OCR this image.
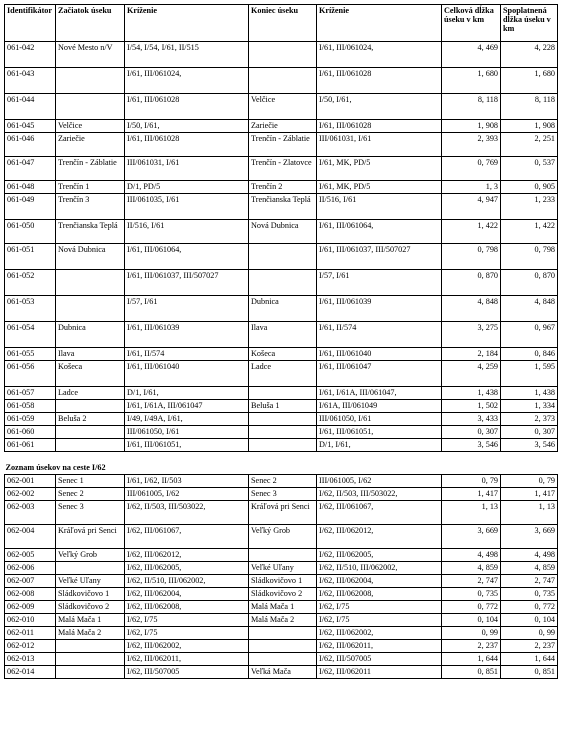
Identifikátor	Začiatok úseku	Kríženie	Koniec úseku	Kríženie	Celková dĺžka úseku v km	Spoplatnená dĺžka úseku v km
061-042	Nové Mesto n/V	I/54, I/54, I/61, II/515		I/61, III/061024,	4, 469	4, 228
061-043		I/61, III/061024,		I/61, III/061028	1, 680	1, 680
061-044		I/61, III/061028	Velčice	I/50, I/61,	8, 118	8, 118
061-045	Velčice	I/50, I/61,	Zariečie	I/61, III/061028	1, 908	1, 908
061-046	Zariečie	I/61, III/061028	Trenčín - Záblatie	III/061031, I/61	2, 393	2, 251
061-047	Trenčín - Záblatie	III/061031, I/61	Trenčín - Zlatovce	I/61, MK, PD/5	0, 769	0, 537
061-048	Trenčín 1	D/1, PD/5	Trenčín 2	I/61, MK, PD/5	1, 3	0, 905
061-049	Trenčín 3	III/061035, I/61	Trenčianska Teplá	II/516, I/61	4, 947	1, 233
061-050	Trenčianska Teplá	II/516, I/61	Nová Dubnica	I/61, III/061064,	1, 422	1, 422
061-051	Nová Dubnica	I/61, III/061064,		I/61, III/061037, III/507027	0, 798	0, 798
061-052		I/61, III/061037, III/507027		I/57, I/61	0, 870	0, 870
061-053		I/57, I/61	Dubnica	I/61, III/061039	4, 848	4, 848
061-054	Dubnica	I/61, III/061039	Ilava	I/61, II/574	3, 275	0, 967
061-055	Ilava	I/61, II/574	Košeca	I/61, III/061040	2, 184	0, 846
061-056	Košeca	I/61, III/061040	Ladce	I/61, III/061047	4, 259	1, 595
061-057	Ladce	D/1, I/61,		I/61, I/61A, III/061047,	1, 438	1, 438
061-058		I/61, I/61A, III/061047	Beluša 1	I/61A, III/061049	1, 502	1, 334
061-059	Beluša 2	I/49, I/49A, I/61,		III/061050, I/61	3, 433	2, 373
061-060		III/061050, I/61		I/61, III/061051,	0, 307	0, 307
061-061		I/61, III/061051,		D/1, I/61,	3, 546	3, 546

Zoznam úsekov na ceste I/62						
062-001	Senec 1	I/61, I/62, II/503	Senec 2	III/061005, I/62	0, 79	0, 79
062-002	Senec 2	III/061005, I/62	Senec 3	I/62, II/503, III/503022,	1, 417	1, 417
062-003	Senec 3	I/62, II/503, III/503022,	Kráľová pri Senci	I/62, III/061067,	1, 13	1, 13
062-004	Kráľová pri Senci	I/62, III/061067,	Veľký Grob	I/62, III/062012,	3, 669	3, 669
062-005	Veľký Grob	I/62, III/062012,		I/62, III/062005,	4, 498	4, 498
062-006		I/62, III/062005,	Veľké Uľany	I/62, II/510, III/062002,	4, 859	4, 859
062-007	Veľké Uľany	I/62, II/510, III/062002,	Sládkovičovo 1	I/62, III/062004,	2, 747	2, 747
062-008	Sládkovičovo 1	I/62, III/062004,	Sládkovičovo 2	I/62, III/062008,	0, 735	0, 735
062-009	Sládkovičovo 2	I/62, III/062008,	Malá Mača 1	I/62, I/75	0, 772	0, 772
062-010	Malá Mača 1	I/62, I/75	Malá Mača 2	I/62, I/75	0, 104	0, 104
062-011	Malá Mača 2	I/62, I/75		I/62, III/062002,	0, 99	0, 99
062-012		I/62, III/062002,		I/62, III/062011,	2, 237	2, 237
062-013		I/62, III/062011,		I/62, III/507005	1, 644	1, 644
062-014		I/62, III/507005	Veľká Mača	I/62, III/062011	0, 851	0, 851
